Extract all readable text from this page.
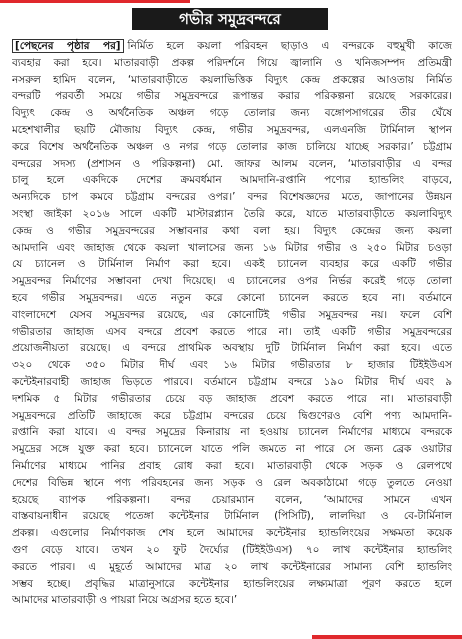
গভীর সমুদ্রবন্দরে
[পেছনের পৃষ্ঠার পর] নির্মিত হলে কয়লা পরিবহন ছাড়াও এ বন্দরকে বহুমুখী কাজে
ব্যবহার করা হবে। মাতারবাড়ী প্রকল্প পরিদর্শনে গিয়ে জ্বালানি ও খনিজসম্পদ প্রতিমন্ত্রী
নসরুল হামিদ বলেন, ‘মাতারবাড়ীতে কয়লাভিত্তিক বিদ্যুৎ কেন্দ্র প্রকল্পের আওতায় নির্মিত
বন্দরটি পরবর্তী সময়ে গভীর সমুদ্রবন্দরে রূপান্তর করার পরিকল্পনা রয়েছে সরকারের।
বিদ্যুৎ কেন্দ্র ও অর্থনৈতিক অঞ্চল গড়ে তোলার জন্য বঙ্গোপসাগরের তীর ঘেঁষে
মহেশখালীর ছয়টি মৌজায় বিদ্যুৎ কেন্দ্র, গভীর সমুদ্রবন্দর, এলএনজি টার্মিনাল স্থাপন
করে বিশেষ অর্থনৈতিক অঞ্চল ও নগর গড়ে তোলার কাজ চালিয়ে যাচ্ছে সরকার।’ চট্টগ্রাম
বন্দরের সদস্য (প্রশাসন ও পরিকল্পনা) মো. জাফর আলম বলেন, ‘মাতারবাড়ীর এ বন্দর
চালু হলে একদিকে দেশের ক্রমবর্ধমান আমদানি-রপ্তানি পণ্যের হ্যান্ডলিং বাড়বে,
অন্যদিকে চাপ কমবে চট্টগ্রাম বন্দরের ওপর।’ বন্দর বিশেষজ্ঞদের মতে, জাপানের উন্নয়ন
সংস্থা জাইকা ২০১৬ সালে একটি মাস্টারপ্ল্যান তৈরি করে, যাতে মাতারবাড়ীতে কয়লাবিদ্যুৎ
কেন্দ্র ও গভীর সমুদ্রবন্দরের সম্ভাবনার কথা বলা হয়। বিদ্যুৎ কেন্দ্রের জন্য কয়লা
আমদানি এবং জাহাজ থেকে কয়লা খালাসের জন্য ১৬ মিটার গভীর ও ২৫০ মিটার চওড়া
যে চ্যানেল ও টার্মিনাল নির্মাণ করা হবে। একই চ্যানেল ব্যবহার করে একটি গভীর
সমুদ্রবন্দর নির্মাণের সম্ভাবনা দেখা দিয়েছে। এ চ্যানেলের ওপর নির্ভর করেই গড়ে তোলা
হবে গভীর সমুদ্রবন্দর। এতে নতুন করে কোনো চ্যানেল করতে হবে না। বর্তমানে
বাংলাদেশে যেসব সমুদ্রবন্দর রয়েছে, এর কোনোটিই গভীর সমুদ্রবন্দর নয়। ফলে বেশি
গভীরতার জাহাজ এসব বন্দরে প্রবেশ করতে পারে না। তাই একটি গভীর সমুদ্রবন্দরের
প্রয়োজনীয়তা রয়েছে। এ বন্দরে প্রাথমিক অবস্থায় দুটি টার্মিনাল নির্মাণ করা হবে। এতে
৩২০ থেকে ৩৫০ মিটার দীর্ঘ এবং ১৬ মিটার গভীরতার ৮ হাজার টিইইউএস
কন্টেইনারবাহী জাহাজ ভিড়তে পারবে। বর্তমানে চট্টগ্রাম বন্দরে ১৯০ মিটার দীর্ঘ এবং ৯
দশমিক ৫ মিটার গভীরতার চেয়ে বড় জাহাজ প্রবেশ করতে পারে না। মাতারবাড়ী
সমুদ্রবন্দরে প্রতিটি জাহাজে করে চট্টগ্রাম বন্দরের চেয়ে দ্বিগুণেরও বেশি পণ্য আমদানি-
রপ্তানি করা যাবে। এ বন্দর সমুদ্রের কিনারায় না হওয়ায় চ্যানেল নির্মাণের মাধ্যমে বন্দরকে
সমুদ্রের সঙ্গে যুক্ত করা হবে। চ্যানেলে যাতে পলি জমতে না পারে সে জন্য ব্রেক ওয়াটার
নির্মাণের মাধ্যমে পানির প্রবাহ রোধ করা হবে। মাতারবাড়ী থেকে সড়ক ও রেলপথে
দেশের বিভিন্ন স্থানে পণ্য পরিবহনের জন্য সড়ক ও রেল অবকাঠামো গড়ে তুলতে নেওয়া
হয়েছে ব্যাপক পরিকল্পনা। বন্দর চেয়ারম্যান বলেন, ‘আমাদের সামনে এখন
বাস্তবায়নাধীন রয়েছে পতেঙ্গা কন্টেইনার টার্মিনাল (পিসিটি), লালদিয়া ও বে-টার্মিনাল
প্রকল্প। এগুলোর নির্মাণকাজ শেষ হলে আমাদের কন্টেইনার হ্যান্ডলিংয়ের সক্ষমতা কয়েক
গুণ বেড়ে যাবে। তখন ২০ ফুট দৈর্ঘ্যের (টিইইউএস) ৭০ লাখ কন্টেইনার হ্যান্ডলিং
করতে পারব। এ মুহূর্তে আমাদের মাত্র ২০ লাখ কন্টেইনারের সামান্য বেশি হ্যান্ডলিং
সম্ভব হচ্ছে। প্রবৃদ্ধির মাত্রানুসারে কন্টেইনার হ্যান্ডলিংয়ের লক্ষ্যমাত্রা পূরণ করতে হলে
আমাদের মাতারবাড়ী ও পায়রা নিয়ে অগ্রসর হতে হবে।’
